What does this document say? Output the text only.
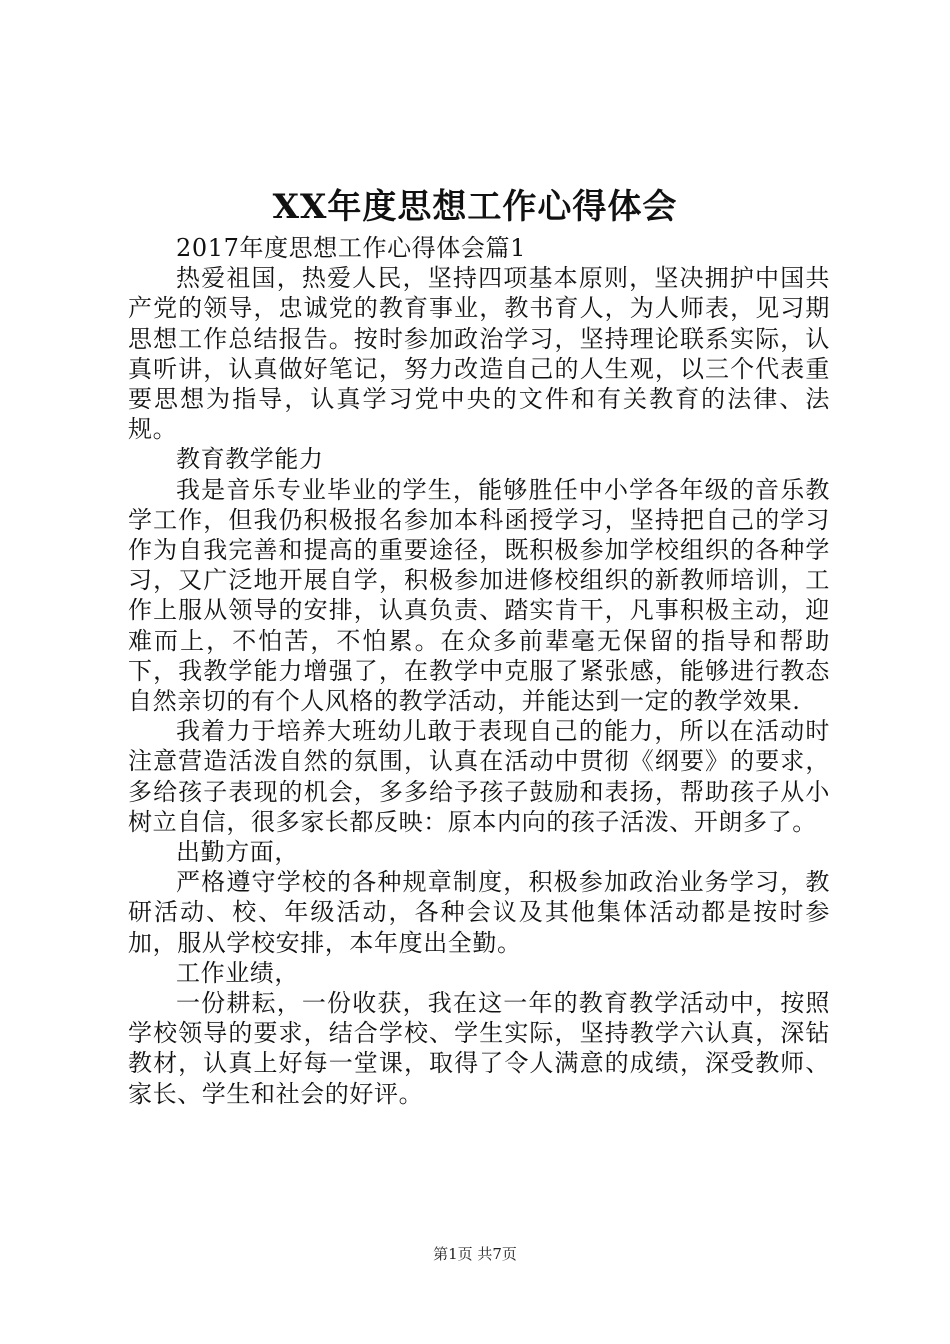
XX年度思想工作心得体会

2017年度思想工作心得体会篇1

热爱祖国，热爱人民，坚持四项基本原则，坚决拥护中国共产党的领导，忠诚党的教育事业，教书育人，为人师表，见习期思想工作总结报告。按时参加政治学习，坚持理论联系实际，认真听讲，认真做好笔记，努力改造自己的人生观，以三个代表重要思想为指导，认真学习党中央的文件和有关教育的法律、法规。

教育教学能力

我是音乐专业毕业的学生，能够胜任中小学各年级的音乐教学工作，但我仍积极报名参加本科函授学习，坚持把自己的学习作为自我完善和提高的重要途径，既积极参加学校组织的各种学习，又广泛地开展自学，积极参加进修校组织的新教师培训，工作上服从领导的安排，认真负责、踏实肯干，凡事积极主动，迎难而上，不怕苦，不怕累。在众多前辈毫无保留的指导和帮助下，我教学能力增强了，在教学中克服了紧张感，能够进行教态自然亲切的有个人风格的教学活动，并能达到一定的教学效果.

我着力于培养大班幼儿敢于表现自己的能力，所以在活动时注意营造活泼自然的氛围，认真在活动中贯彻《纲要》的要求，多给孩子表现的机会，多多给予孩子鼓励和表扬，帮助孩子从小树立自信，很多家长都反映：原本内向的孩子活泼、开朗多了。

出勤方面，

严格遵守学校的各种规章制度，积极参加政治业务学习，教研活动、校、年级活动，各种会议及其他集体活动都是按时参加，服从学校安排，本年度出全勤。

工作业绩，

一份耕耘，一份收获，我在这一年的教育教学活动中，按照学校领导的要求，结合学校、学生实际，坚持教学六认真，深钻教材，认真上好每一堂课，取得了令人满意的成绩，深受教师、家长、学生和社会的好评。

第1页 共7页
